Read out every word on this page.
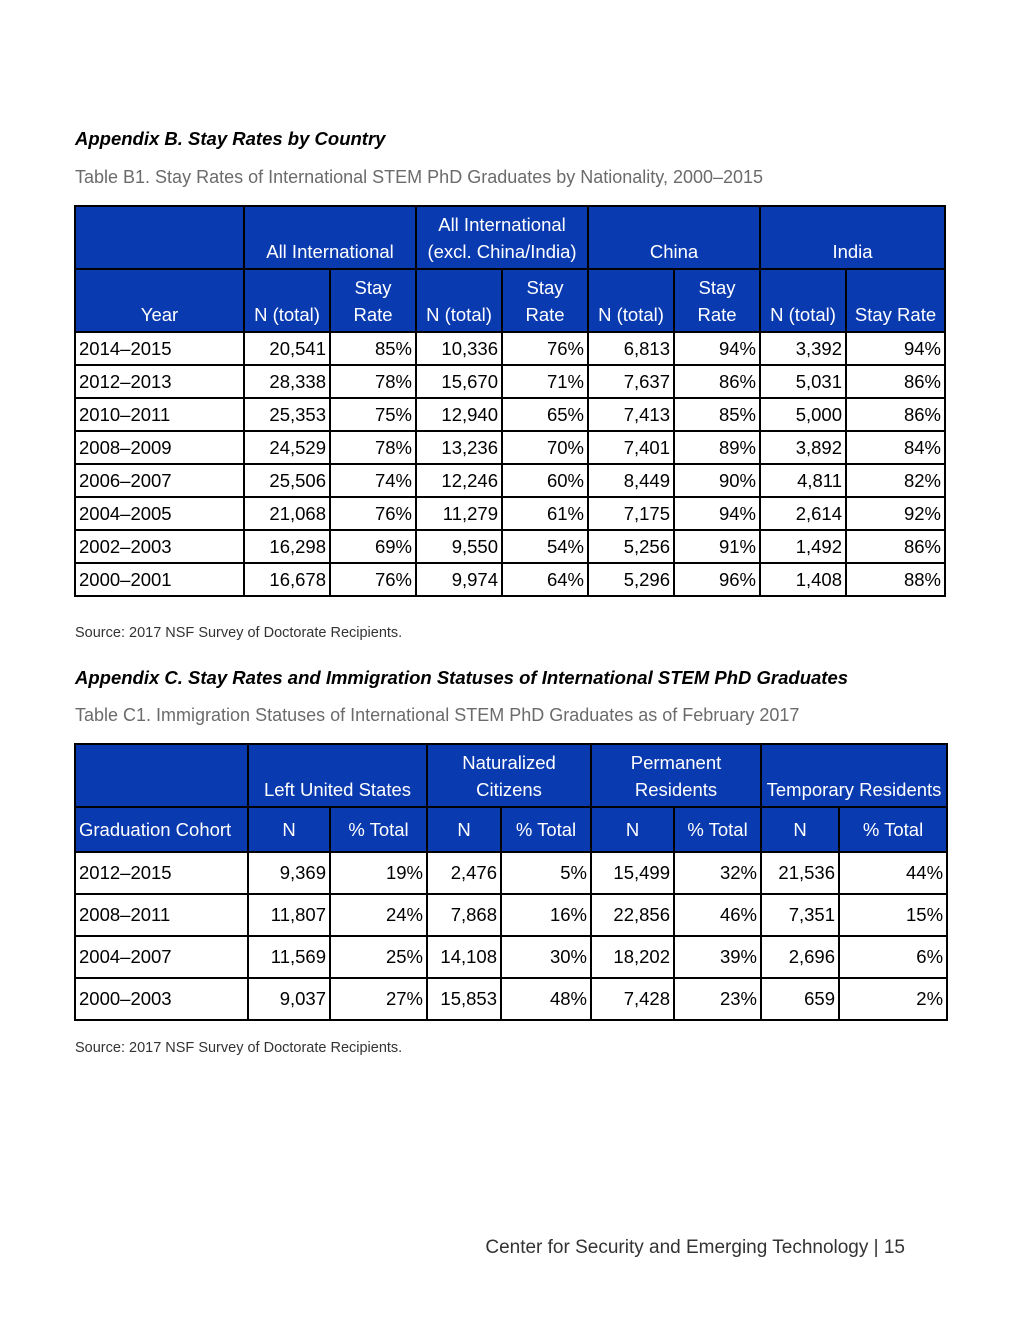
Appendix B. Stay Rates by Country

Table B1. Stay Rates of International STEM PhD Graduates by Nationality, 2000–2015

	All International		All International (excl. China/India)		China		India	
Year	N (total)	Stay Rate	N (total)	Stay Rate	N (total)	Stay Rate	N (total)	Stay Rate
2014–2015	20,541	85%	10,336	76%	6,813	94%	3,392	94%
2012–2013	28,338	78%	15,670	71%	7,637	86%	5,031	86%
2010–2011	25,353	75%	12,940	65%	7,413	85%	5,000	86%
2008–2009	24,529	78%	13,236	70%	7,401	89%	3,892	84%
2006–2007	25,506	74%	12,246	60%	8,449	90%	4,811	82%
2004–2005	21,068	76%	11,279	61%	7,175	94%	2,614	92%
2002–2003	16,298	69%	9,550	54%	5,256	91%	1,492	86%
2000–2001	16,678	76%	9,974	64%	5,296	96%	1,408	88%

Source: 2017 NSF Survey of Doctorate Recipients.

Appendix C. Stay Rates and Immigration Statuses of International STEM PhD Graduates

Table C1. Immigration Statuses of International STEM PhD Graduates as of February 2017

	Left United States		Naturalized Citizens		Permanent Residents		Temporary Residents	
Graduation Cohort	N	% Total	N	% Total	N	% Total	N	% Total
2012–2015	9,369	19%	2,476	5%	15,499	32%	21,536	44%
2008–2011	11,807	24%	7,868	16%	22,856	46%	7,351	15%
2004–2007	11,569	25%	14,108	30%	18,202	39%	2,696	6%
2000–2003	9,037	27%	15,853	48%	7,428	23%	659	2%

Source: 2017 NSF Survey of Doctorate Recipients.

Center for Security and Emerging Technology | 15
